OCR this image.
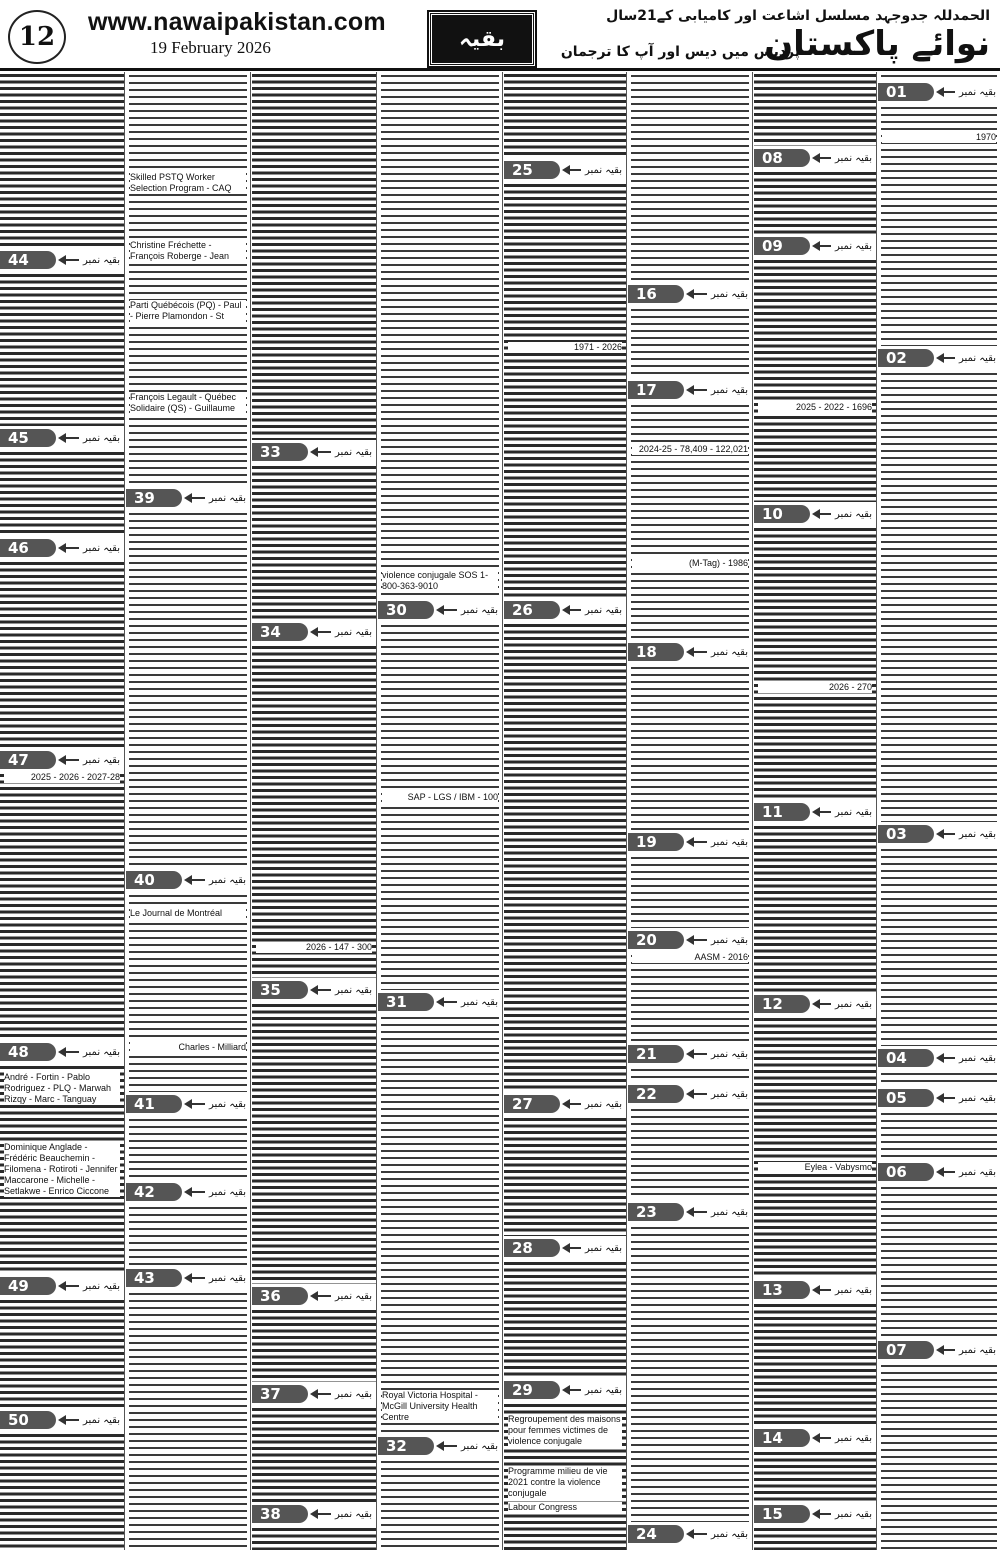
12	www.nawaipakistan.com
19 February 2026	بقیہ
الحمدللہ جدوجہد مسلسل اشاعت اور کامیابی کے21سال
نوائے پاکستان
پردیس میں دیس اور آپ کا ترجمان
01	بقیہ نمبر
02	بقیہ نمبر
03	بقیہ نمبر
04	بقیہ نمبر
05	بقیہ نمبر
06	بقیہ نمبر
07	بقیہ نمبر
1970
08	بقیہ نمبر
09	بقیہ نمبر
10	بقیہ نمبر
11	بقیہ نمبر
12	بقیہ نمبر
13	بقیہ نمبر
14	بقیہ نمبر
15	بقیہ نمبر
2025 - 2022 - 1696
2026 - 270
Eylea - Vabysmo
16	بقیہ نمبر
17	بقیہ نمبر
18	بقیہ نمبر
19	بقیہ نمبر
20	بقیہ نمبر
21	بقیہ نمبر
22	بقیہ نمبر
23	بقیہ نمبر
24	بقیہ نمبر
2024-25 - 78,409 - 122,021
(M-Tag) - 1986
AASM - 2016
25	بقیہ نمبر
26	بقیہ نمبر
27	بقیہ نمبر
28	بقیہ نمبر
29	بقیہ نمبر
1971 - 2026
Regroupement des maisons pour femmes victimes de violence conjugale
Programme milieu de vie 2021 contre la violence conjugale
Labour Congress
30	بقیہ نمبر
31	بقیہ نمبر
32	بقیہ نمبر
violence conjugale SOS 1-800-363-9010
SAP - LGS / IBM - 100
Royal Victoria Hospital - McGill University Health Centre
33	بقیہ نمبر
34	بقیہ نمبر
35	بقیہ نمبر
36	بقیہ نمبر
37	بقیہ نمبر
38	بقیہ نمبر
2026 - 147 - 300
39	بقیہ نمبر
40	بقیہ نمبر
41	بقیہ نمبر
42	بقیہ نمبر
43	بقیہ نمبر
Skilled PSTQ Worker Selection Program - CAQ
Christine Fréchette - François Roberge - Jean
Parti Québécois (PQ) - Paul - Pierre Plamondon - St
François Legault - Québec Solidaire (QS) - Guillaume
Le Journal de Montréal
Charles - Milliard
44	بقیہ نمبر
45	بقیہ نمبر
46	بقیہ نمبر
47	بقیہ نمبر
48	بقیہ نمبر
49	بقیہ نمبر
50	بقیہ نمبر
2025 - 2026 - 2027-28
André - Fortin - Pablo Rodriguez - PLQ - Marwah Rizqy - Marc - Tanguay
Dominique Anglade - Frédéric Beauchemin - Filomena - Rotiroti - Jennifer Maccarone - Michelle - Setlakwe - Enrico Ciccone
